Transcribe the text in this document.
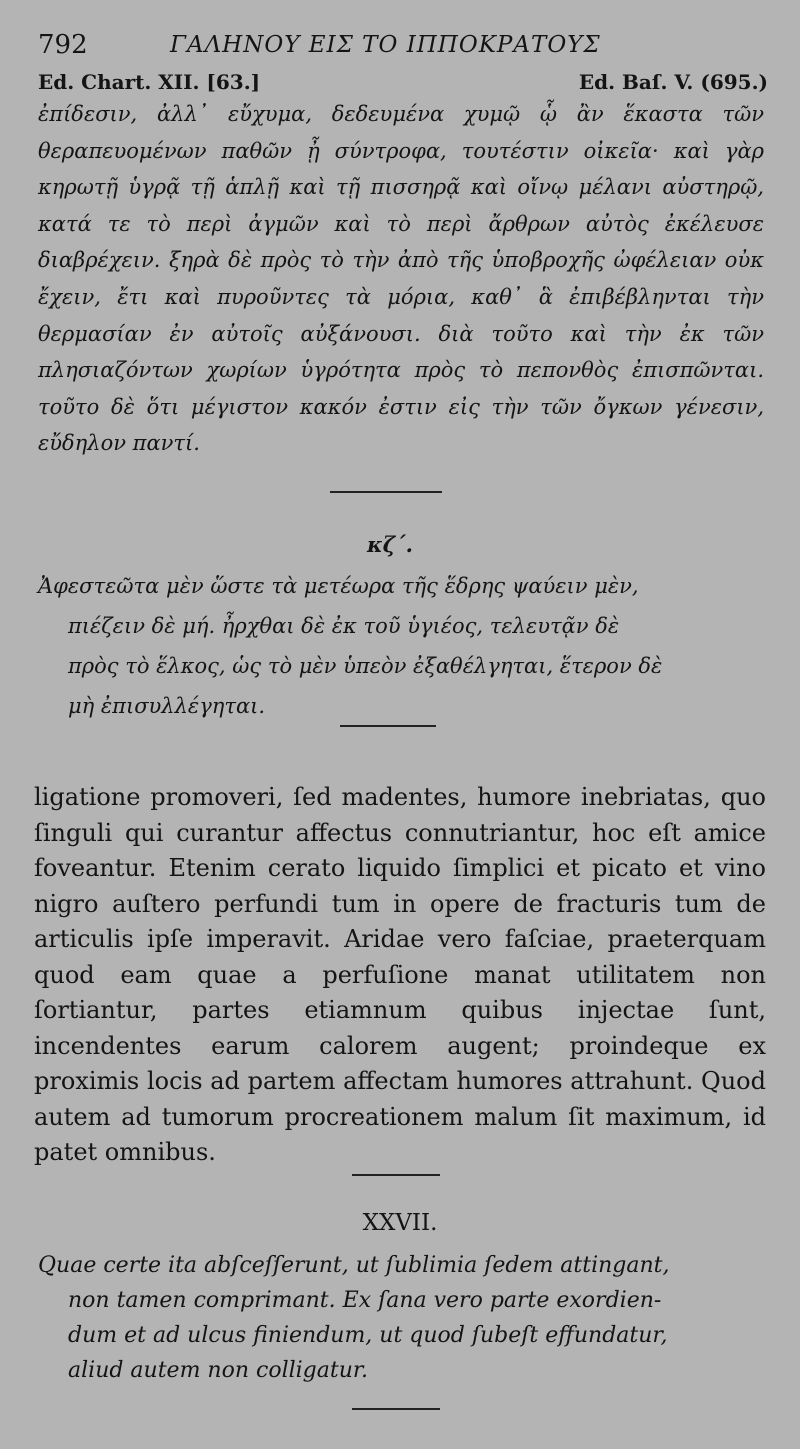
792	ΓΑΛΗΝΟΥ ΕΙΣ ΤΟ ΙΠΠΟΚΡΑΤΟΥΣ
Ed. Chart. XII. [63.]	Ed. Baſ. V. (695.)

ἐπίδεσιν, ἀλλ᾽ εὔχυμα, δεδευμένα χυμῷ ᾧ ἂν ἕκαστα τῶν θεραπευομένων παθῶν ᾖ σύντροφα, τουτέστιν οἰκεῖα· καὶ γὰρ κηρωτῇ ὑγρᾷ τῇ ἁπλῇ καὶ τῇ πισσηρᾷ καὶ οἴνῳ μέλανι αὐστηρῷ, κατά τε τὸ περὶ ἀγμῶν καὶ τὸ περὶ ἄρθρων αὐτὸς ἐκέλευσε διαβρέχειν. ξηρὰ δὲ πρὸς τὸ τὴν ἀπὸ τῆς ὑποβροχῆς ὠφέλειαν οὐκ ἔχειν, ἔτι καὶ πυροῦντες τὰ μόρια, καθ᾽ ἃ ἐπιβέβληνται τὴν θερμασίαν ἐν αὐτοῖς αὐξάνουσι. διὰ τοῦτο καὶ τὴν ἐκ τῶν πλησιαζόντων χωρίων ὑγρότητα πρὸς τὸ πεπονθὸς ἐπισπῶνται. τοῦτο δὲ ὅτι μέγιστον κακόν ἐστιν εἰς τὴν τῶν ὄγκων γένεσιν, εὔδηλον παντί.

κζ΄.
Ἀφεστεῶτα μὲν ὥστε τὰ μετέωρα τῆς ἕδρης ψαύειν μὲν,
πιέζειν δὲ μή. ἦρχθαι δὲ ἐκ τοῦ ὑγιέος, τελευτᾷν δὲ
πρὸς τὸ ἕλκος, ὡς τὸ μὲν ὑπεὸν ἐξαθέλγηται, ἕτερον δὲ
μὴ ἐπισυλλέγηται.

ligatione promoveri, ſed madentes, humore inebriatas, quo ſinguli qui curantur affectus connutriantur, hoc eſt amice foveantur. Etenim cerato liquido ſimplici et picato et vino nigro auſtero perfundi tum in opere de fracturis tum de articulis ipſe imperavit. Aridae vero faſciae, praeterquam quod eam quae a perfuſione manat utilitatem non ſortiantur, partes etiamnum quibus injectae ſunt, incendentes earum calorem augent; proindeque ex proximis locis ad partem affectam humores attrahunt. Quod autem ad tumorum procreationem malum ſit maximum, id patet omnibus.

XXVII.
Quae certe ita abſceſſerunt, ut ſublimia ſedem attingant,
non tamen comprimant. Ex ſana vero parte exordien-
dum et ad ulcus finiendum, ut quod ſubeſt effundatur,
aliud autem non colligatur.
